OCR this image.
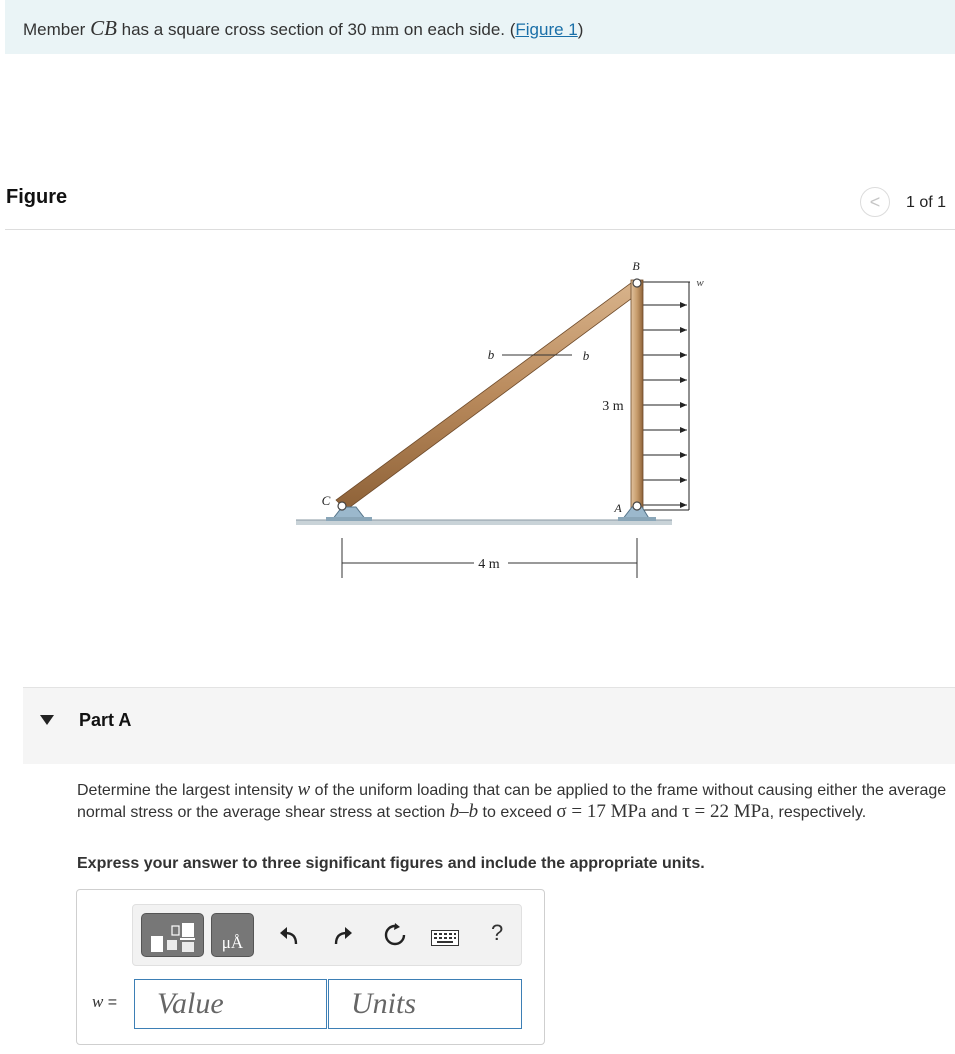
Member CB has a square cross section of 30 mm on each side. (Figure 1)
Figure	< 1 of 1
B
w
b	b
3 m
C	A
4 m
Part A
Determine the largest intensity w of the uniform loading that can be applied to the frame without causing either the average normal stress or the average shear stress at section b–b to exceed σ = 17 MPa and τ = 22 MPa, respectively.
Express your answer to three significant figures and include the appropriate units.
μÅ	?
w =
Value
Units
